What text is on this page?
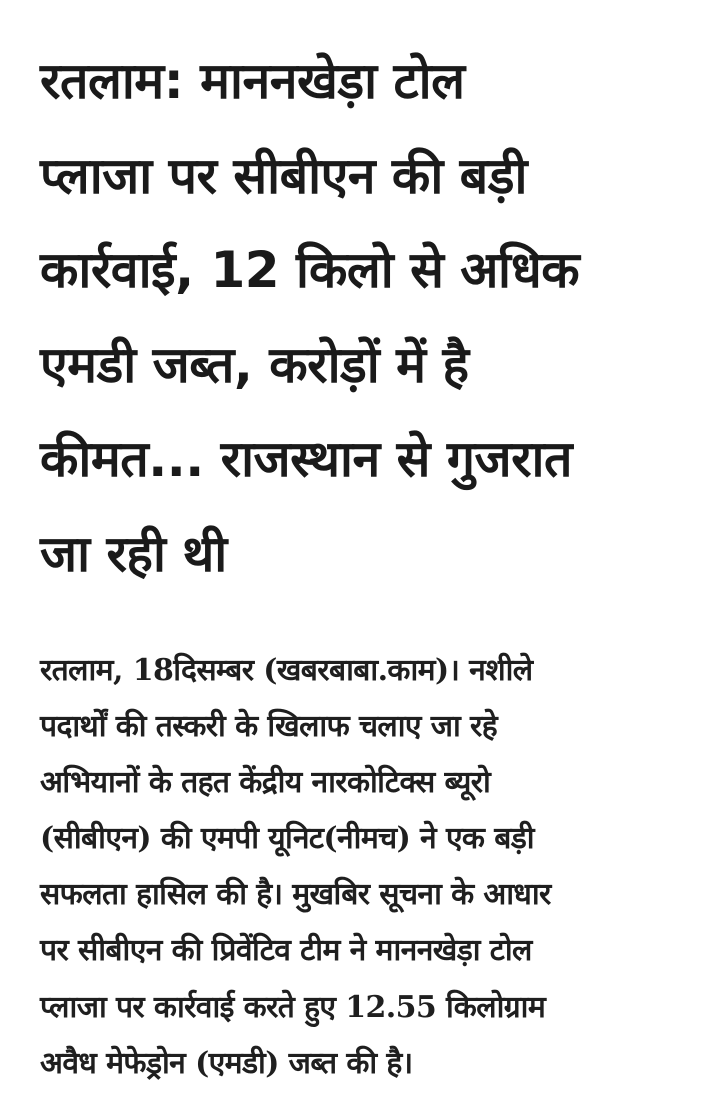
रतलाम: माननखेड़ा टोल
प्लाजा पर सीबीएन की बड़ी
कार्रवाई, 12 किलो से अधिक
एमडी जब्त, करोड़ों में है
कीमत... राजस्थान से गुजरात
जा रही थी
रतलाम, 18दिसम्बर (खबरबाबा.काम)। नशीले
पदार्थों की तस्करी के खिलाफ चलाए जा रहे
अभियानों के तहत केंद्रीय नारकोटिक्स ब्यूरो
(सीबीएन) की एमपी यूनिट(नीमच) ने एक बड़ी
सफलता हासिल की है। मुखबिर सूचना के आधार
पर सीबीएन की प्रिवेंटिव टीम ने माननखेड़ा टोल
प्लाजा पर कार्रवाई करते हुए 12.55 किलोग्राम
अवैध मेफेड्रोन (एमडी) जब्त की है।
